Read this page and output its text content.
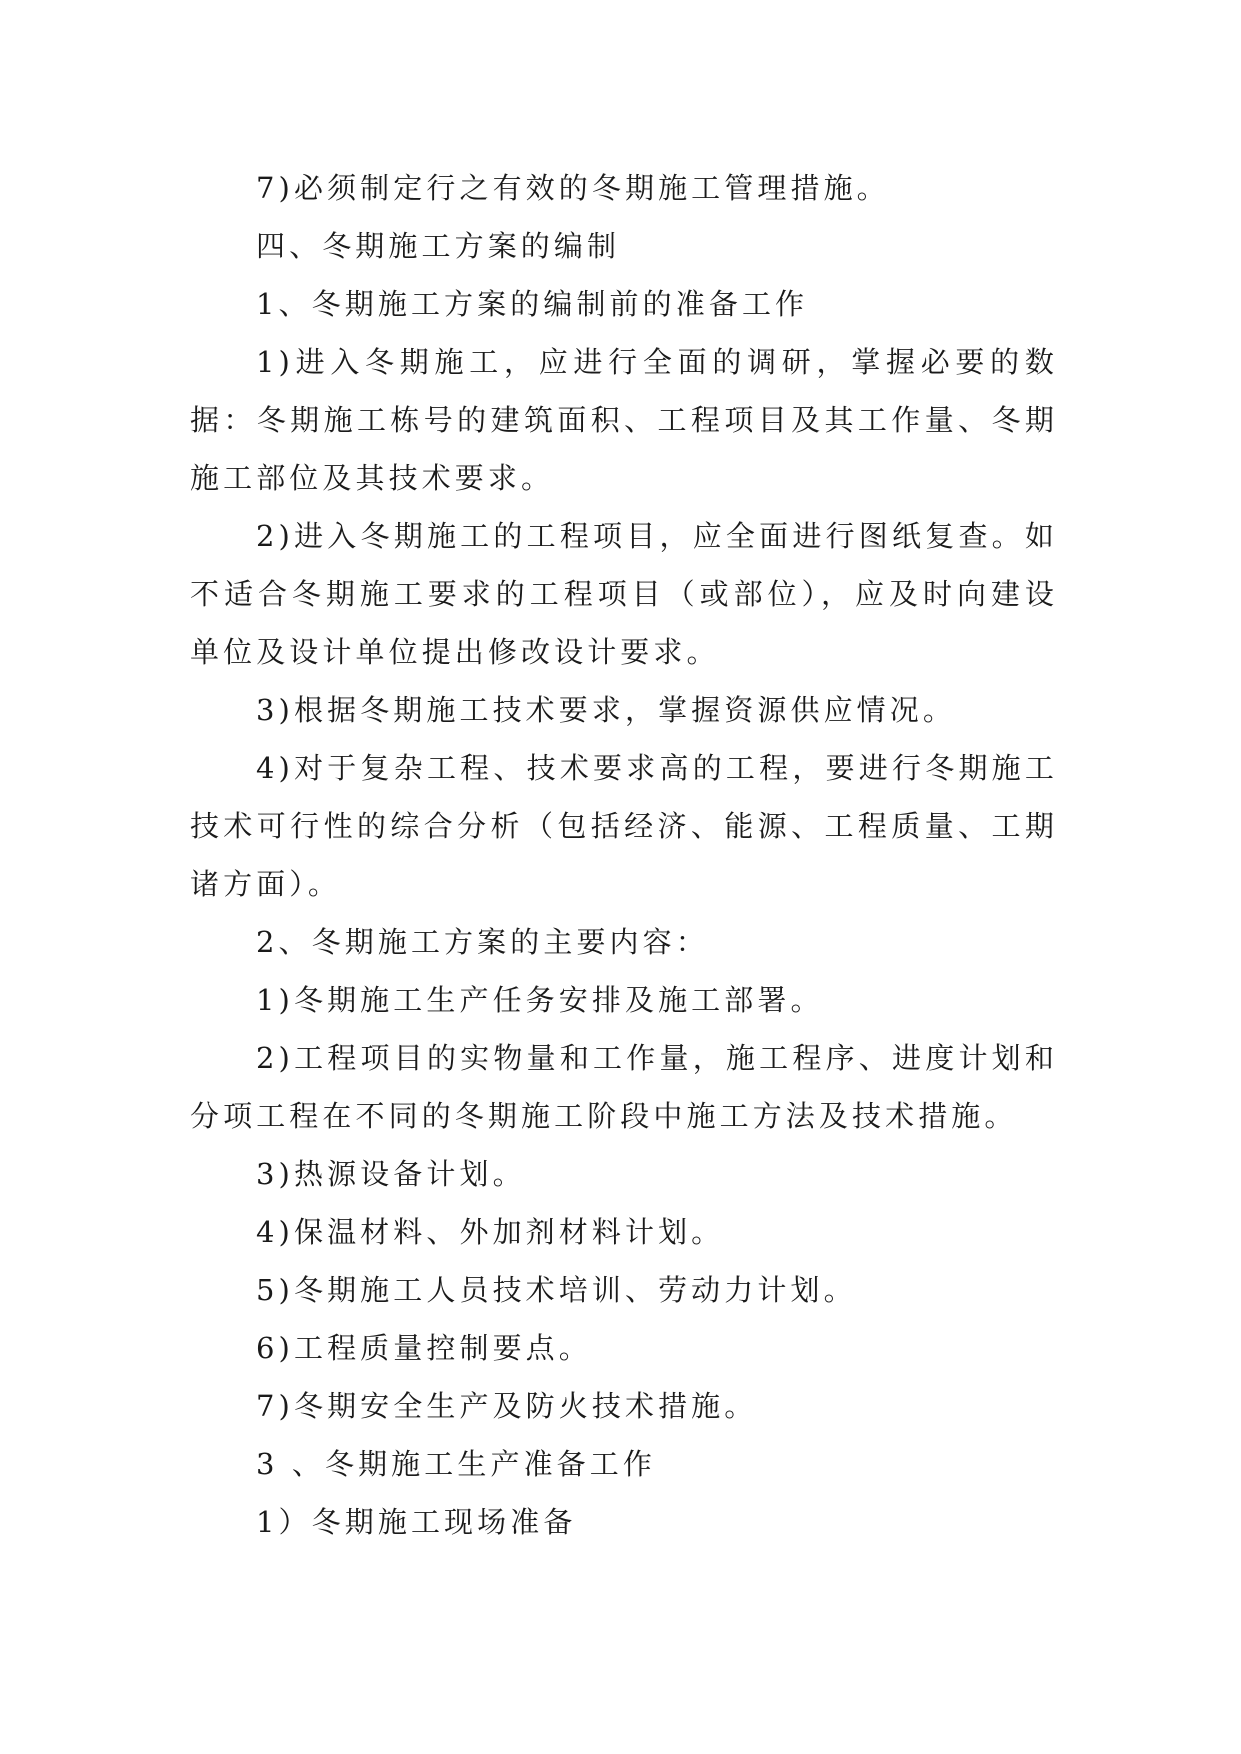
7)必须制定行之有效的冬期施工管理措施。

四、冬期施工方案的编制

1、冬期施工方案的编制前的准备工作

1)进入冬期施工，应进行全面的调研，掌握必要的数据：冬期施工栋号的建筑面积、工程项目及其工作量、冬期施工部位及其技术要求。

2)进入冬期施工的工程项目，应全面进行图纸复查。如不适合冬期施工要求的工程项目（或部位），应及时向建设单位及设计单位提出修改设计要求。

3)根据冬期施工技术要求，掌握资源供应情况。

4)对于复杂工程、技术要求高的工程，要进行冬期施工技术可行性的综合分析（包括经济、能源、工程质量、工期诸方面）。

2、冬期施工方案的主要内容：

1)冬期施工生产任务安排及施工部署。

2)工程项目的实物量和工作量，施工程序、进度计划和分项工程在不同的冬期施工阶段中施工方法及技术措施。

3)热源设备计划。

4)保温材料、外加剂材料计划。

5)冬期施工人员技术培训、劳动力计划。

6)工程质量控制要点。

7)冬期安全生产及防火技术措施。

3 、冬期施工生产准备工作

1）冬期施工现场准备
